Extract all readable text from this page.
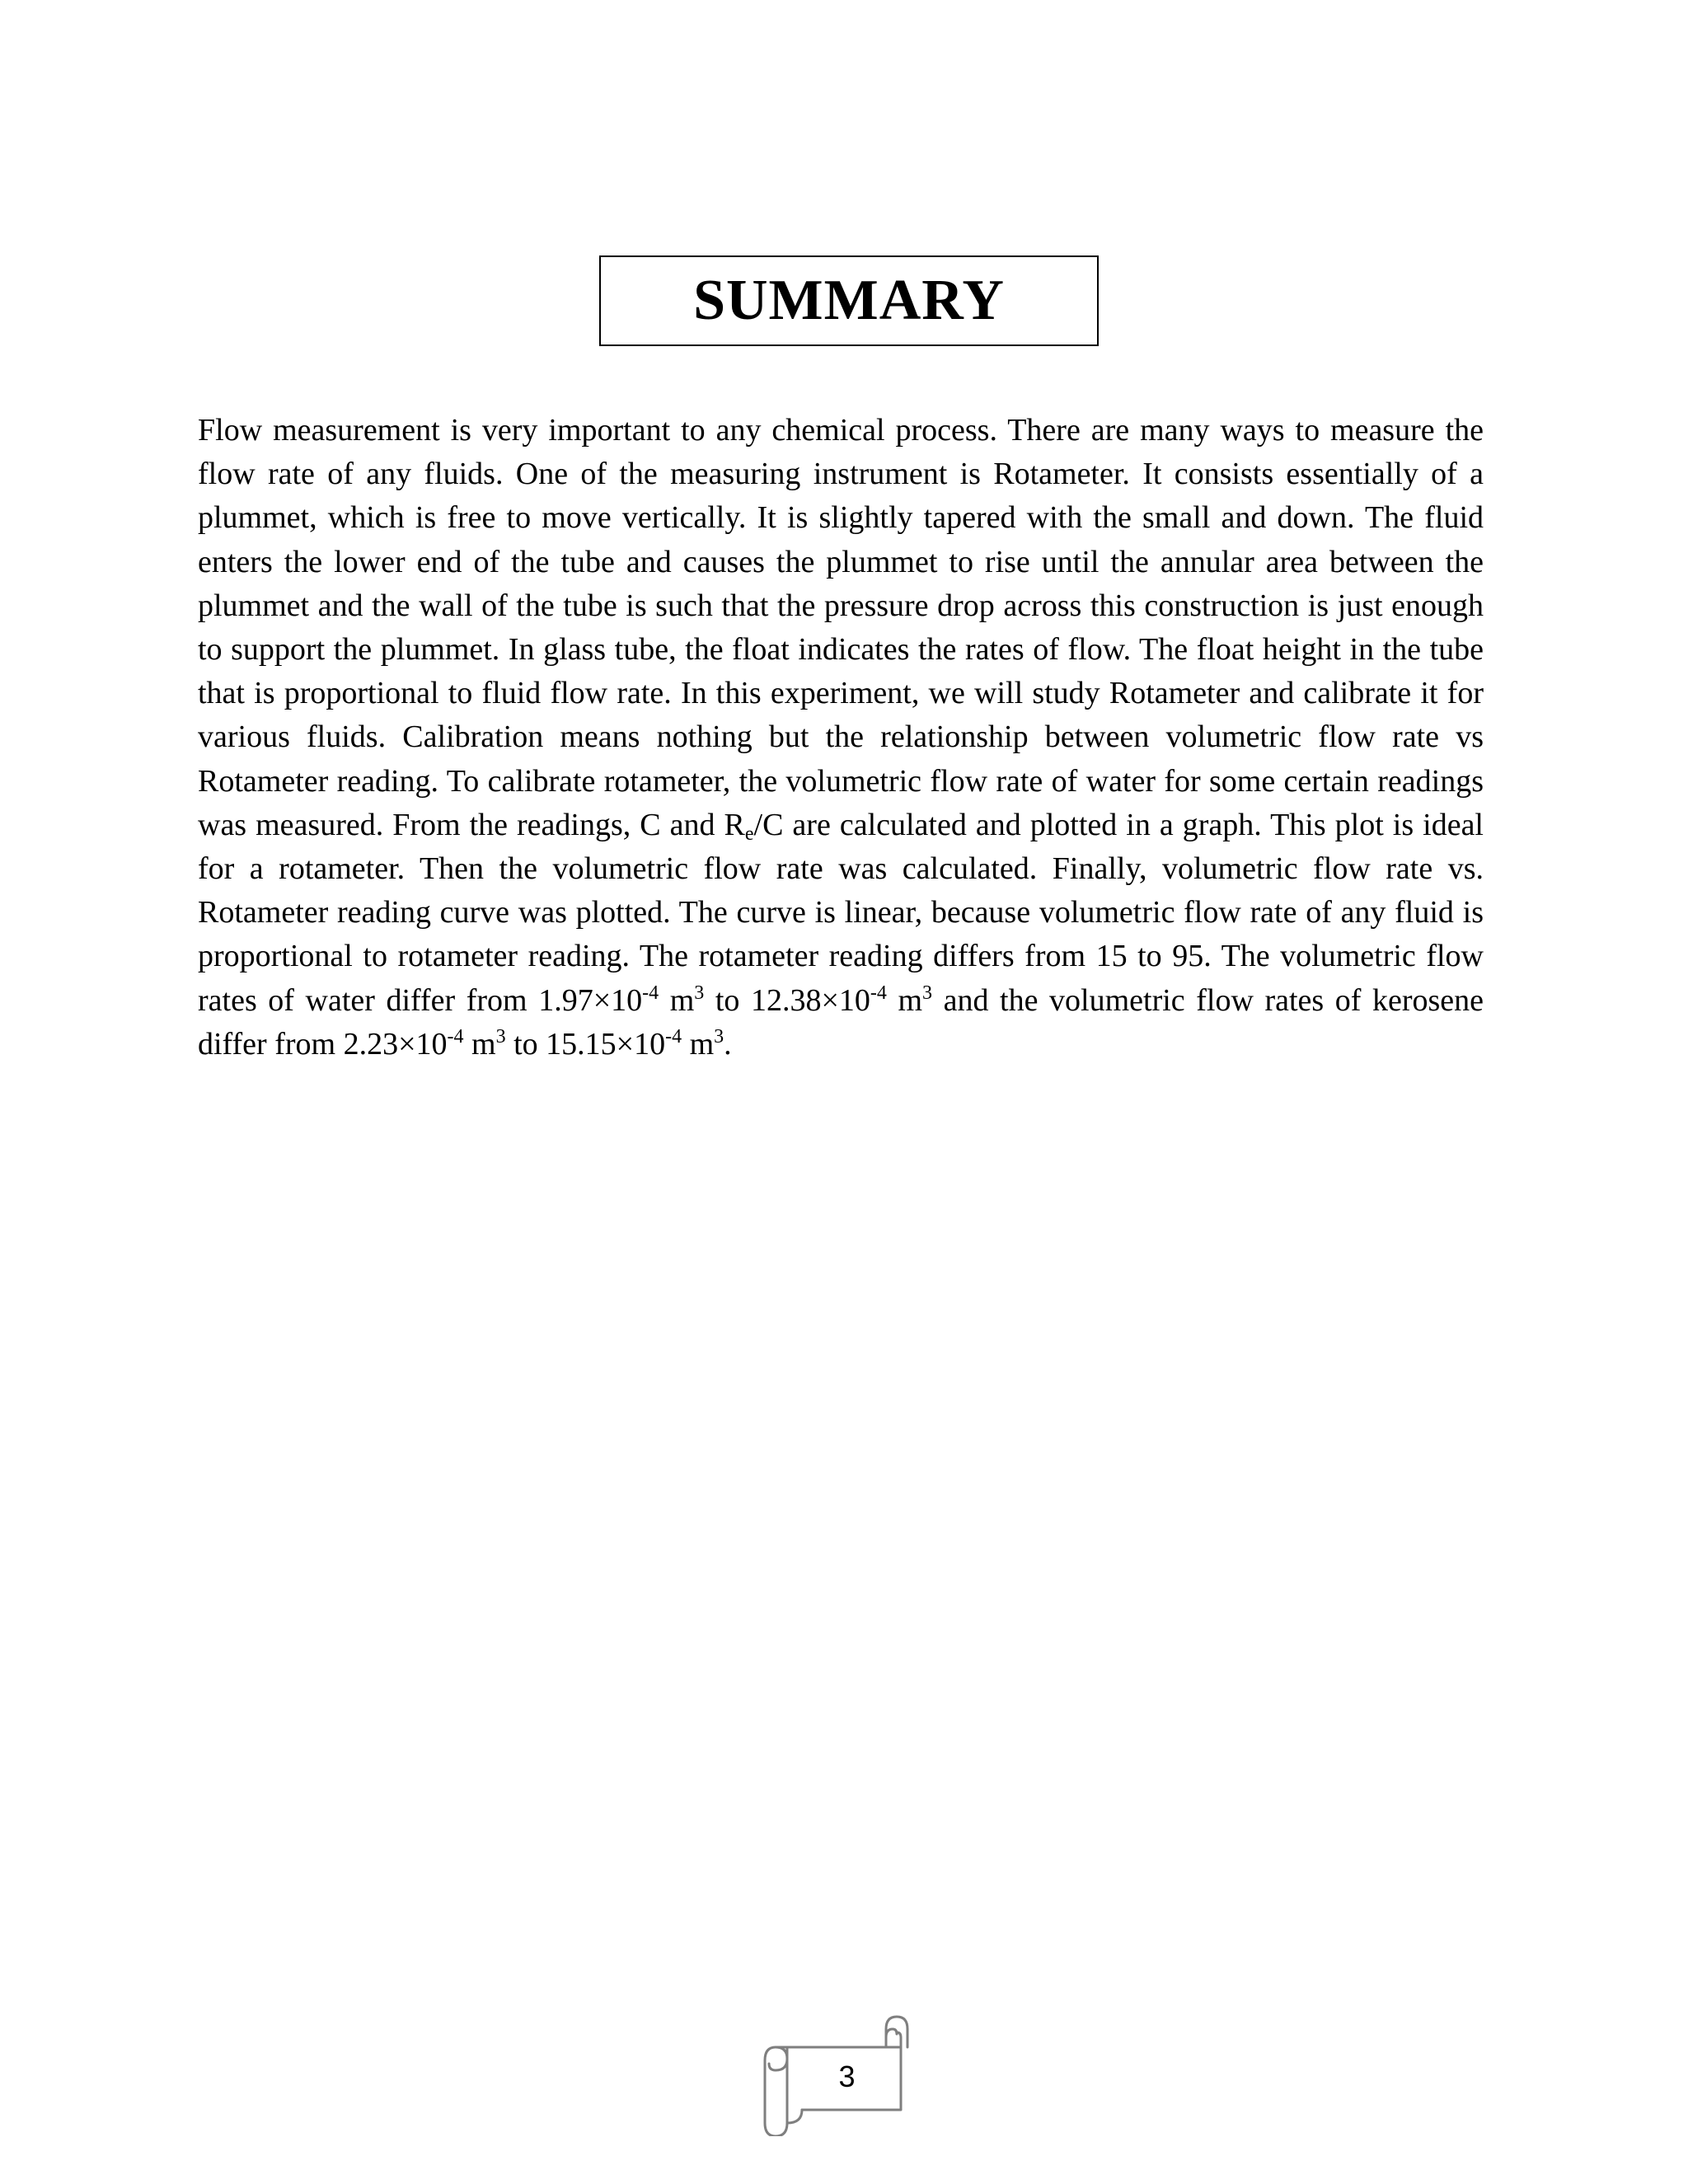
SUMMARY

Flow measurement is very important to any chemical process. There are many ways to measure the flow rate of any fluids. One of the measuring instrument is Rotameter. It consists essentially of a plummet, which is free to move vertically. It is slightly tapered with the small and down. The fluid enters the lower end of the tube and causes the plummet to rise until the annular area between the plummet and the wall of the tube is such that the pressure drop across this construction is just enough to support the plummet. In glass tube, the float indicates the rates of flow. The float height in the tube that is proportional to fluid flow rate. In this experiment, we will study Rotameter and calibrate it for various fluids. Calibration means nothing but the relationship between volumetric flow rate vs Rotameter reading. To calibrate rotameter, the volumetric flow rate of water for some certain readings was measured. From the readings, C and $R_e/C$ are calculated and plotted in a graph. This plot is ideal for a rotameter. Then the volumetric flow rate was calculated. Finally, volumetric flow rate vs. Rotameter reading curve was plotted. The curve is linear, because volumetric flow rate of any fluid is proportional to rotameter reading. The rotameter reading differs from 15 to 95. The volumetric flow rates of water differ from $1.97\times 10^{-4}$ $m^3$ to $12.38\times 10^{-4}$ $m^3$ and the volumetric flow rates of kerosene differ from $2.23\times 10^{-4}$ $m^3$ to $15.15\times 10^{-4}$ $m^3$.

3
